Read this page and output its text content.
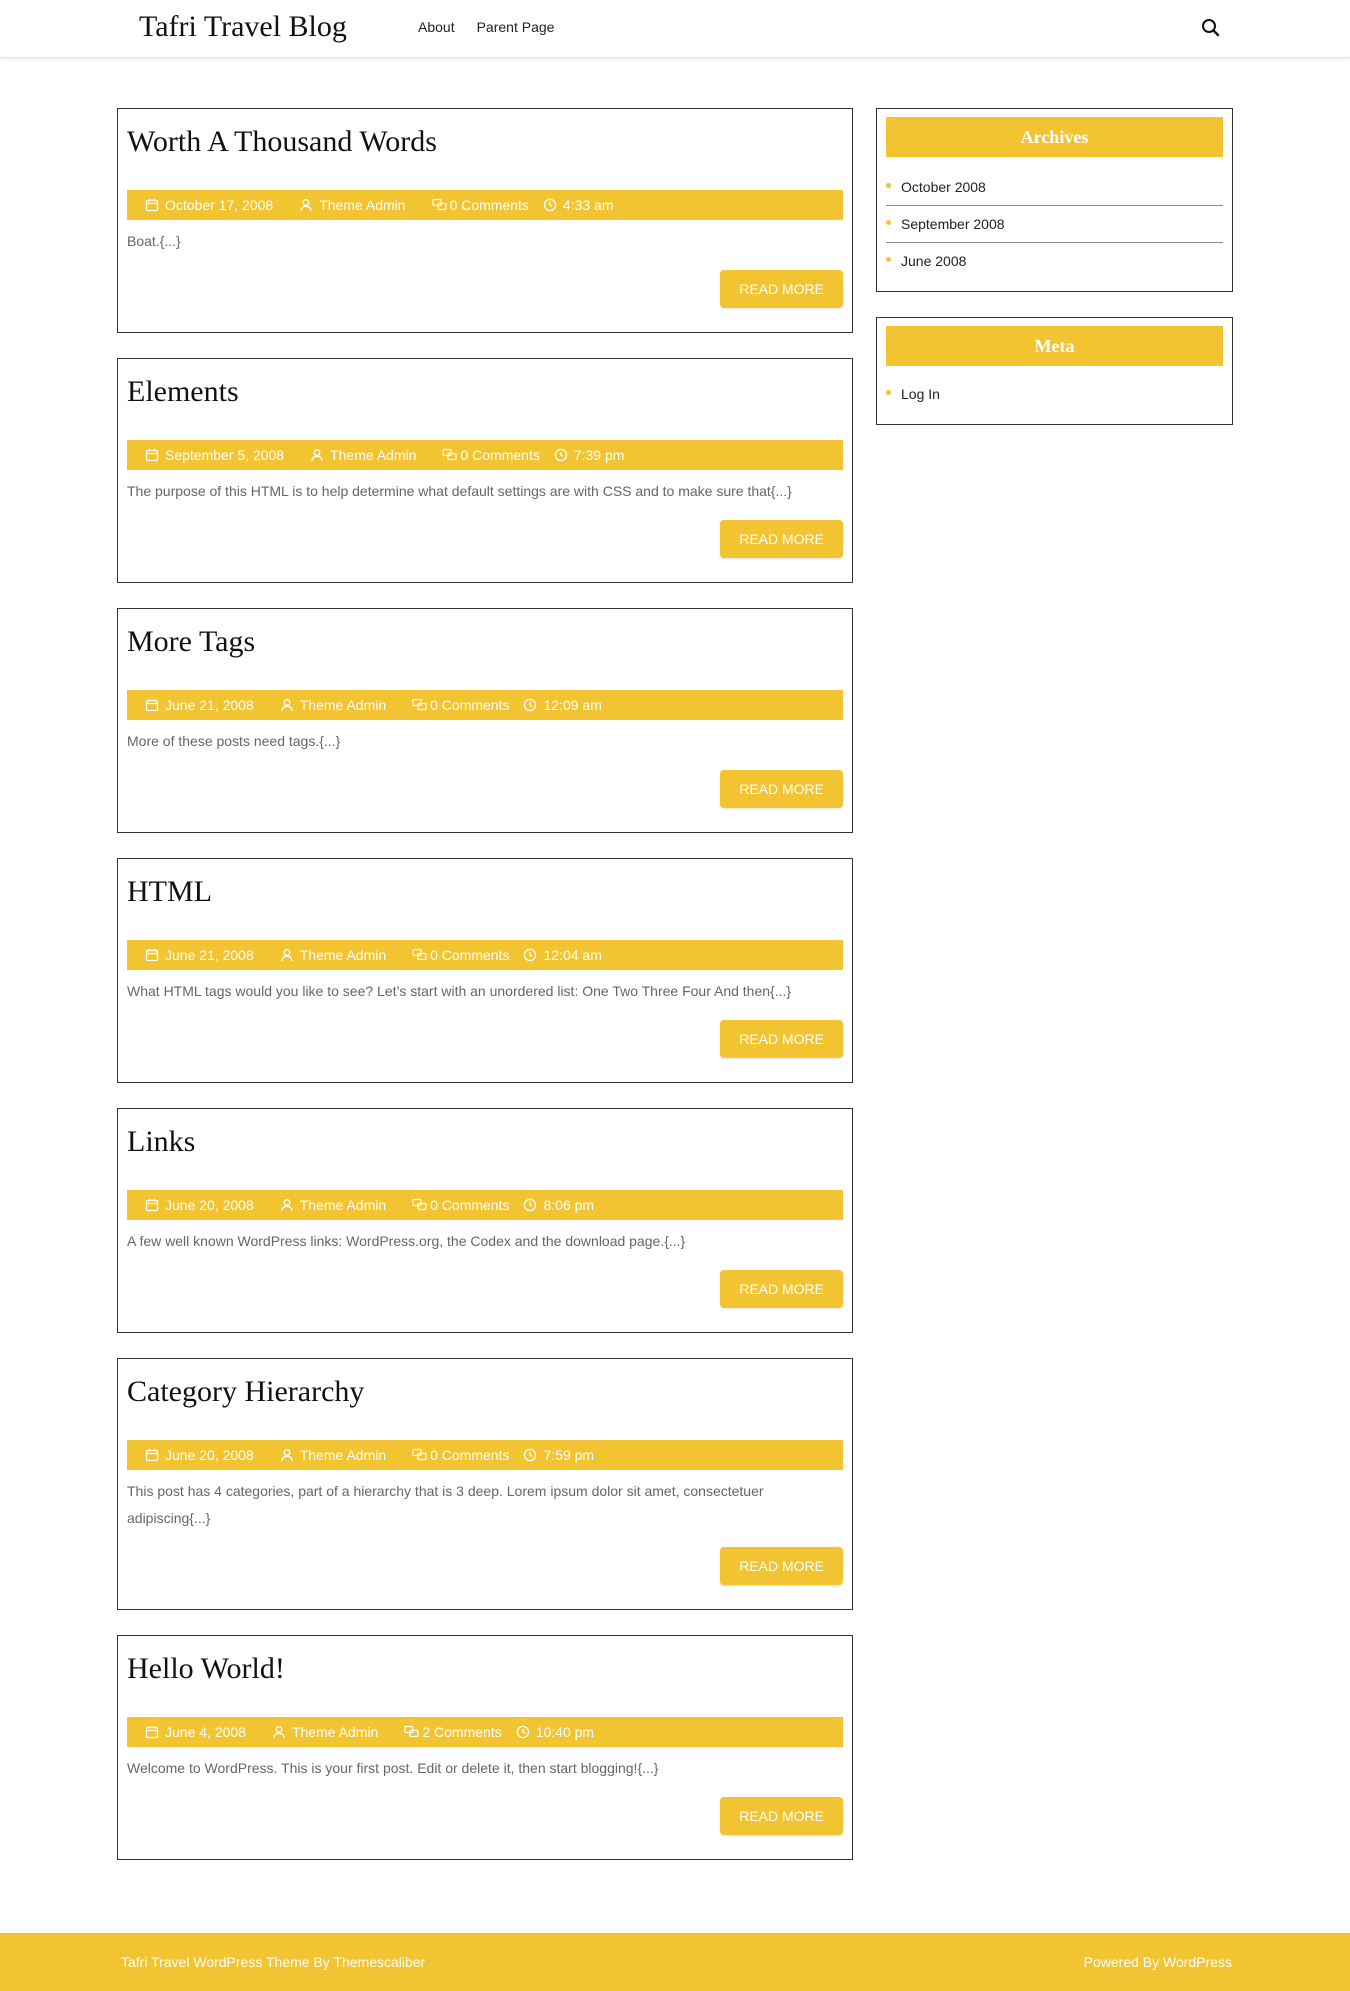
Tafri Travel Blog	About Parent Page
Worth A Thousand Words
October 17, 2008	Theme Admin	0 Comments 4:33 am
Boat.{...}
READ MORE
Elements
September 5, 2008	Theme Admin	0 Comments 7:39 pm
The purpose of this HTML is to help determine what default settings are with CSS and to make sure that{...}
READ MORE
More Tags
June 21, 2008	Theme Admin	0 Comments 12:09 am
More of these posts need tags.{...}
READ MORE
HTML
June 21, 2008	Theme Admin	0 Comments 12:04 am
What HTML tags would you like to see? Let’s start with an unordered list: One Two Three Four And then{...}
READ MORE
Links
June 20, 2008	Theme Admin	0 Comments 8:06 pm
A few well known WordPress links: WordPress.org, the Codex and the download page.{...}
READ MORE
Category Hierarchy
June 20, 2008	Theme Admin	0 Comments 7:59 pm
This post has 4 categories, part of a hierarchy that is 3 deep. Lorem ipsum dolor sit amet, consectetuer adipiscing{...}
READ MORE
Hello World!
June 4, 2008	Theme Admin	2 Comments 10:40 pm
Welcome to WordPress. This is your first post. Edit or delete it, then start blogging!{...}
READ MORE
Archives
October 2008
September 2008
June 2008
Meta
Log In
Tafri Travel WordPress Theme By Themescaliber	Powered By WordPress
